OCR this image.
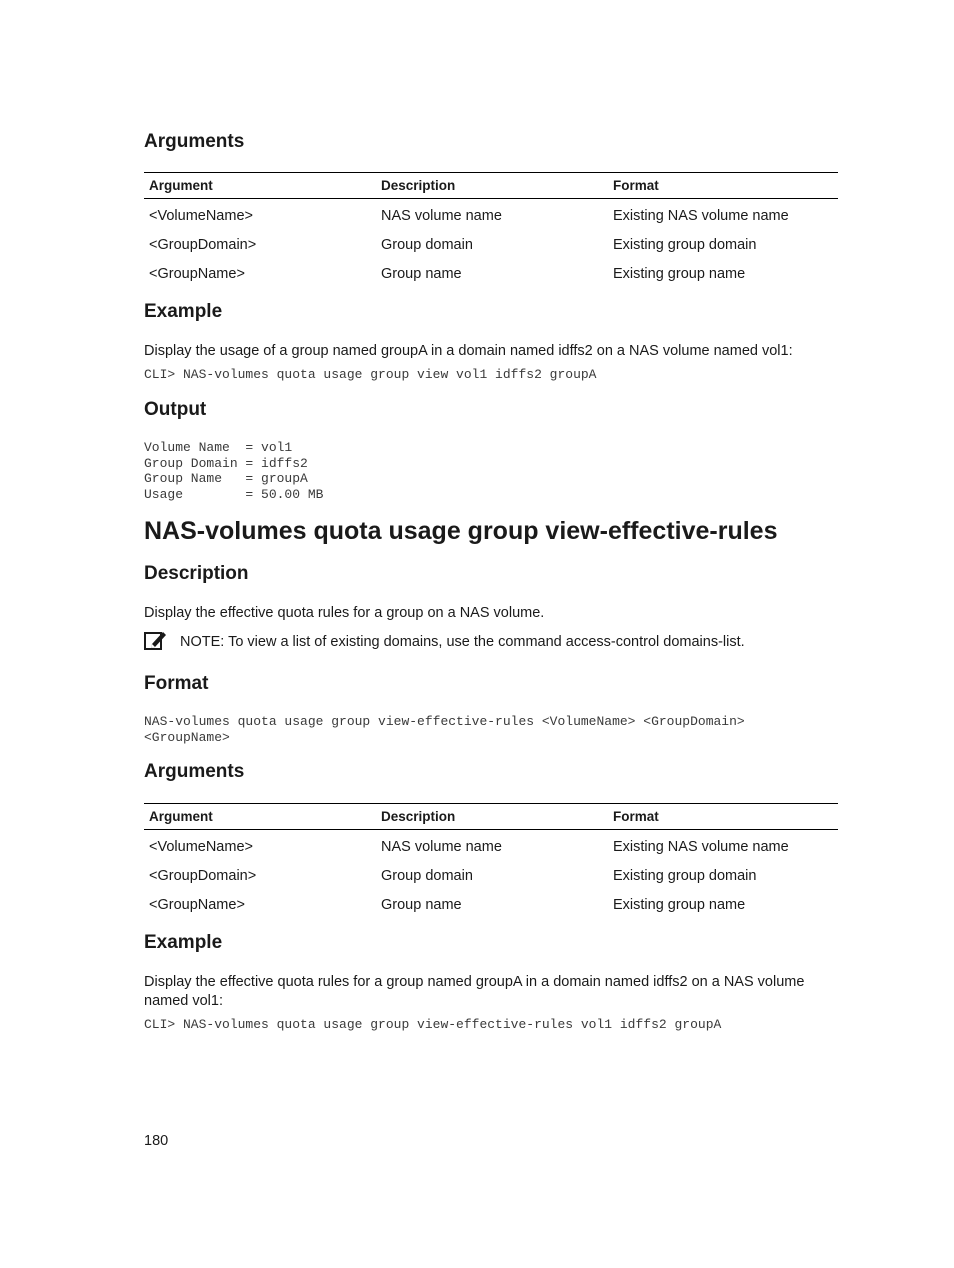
Arguments
Argument	Description	Format
<VolumeName>	NAS volume name	Existing NAS volume name
<GroupDomain>	Group domain	Existing group domain
<GroupName>	Group name	Existing group name
Example

Display the usage of a group named groupA in a domain named idffs2 on a NAS volume named vol1:

CLI> NAS-volumes quota usage group view vol1 idffs2 groupA
Output
Volume Name  = vol1
Group Domain = idffs2
Group Name   = groupA
Usage        = 50.00 MB
NAS-volumes quota usage group view-effective-rules
Description

Display the effective quota rules for a group on a NAS volume.

NOTE: To view a list of existing domains, use the command access-control domains-list.
Format
NAS-volumes quota usage group view-effective-rules <VolumeName> <GroupDomain>
<GroupName>
Arguments
Argument	Description	Format
<VolumeName>	NAS volume name	Existing NAS volume name
<GroupDomain>	Group domain	Existing group domain
<GroupName>	Group name	Existing group name
Example

Display the effective quota rules for a group named groupA in a domain named idffs2 on a NAS volume named vol1:

CLI> NAS-volumes quota usage group view-effective-rules vol1 idffs2 groupA
180
